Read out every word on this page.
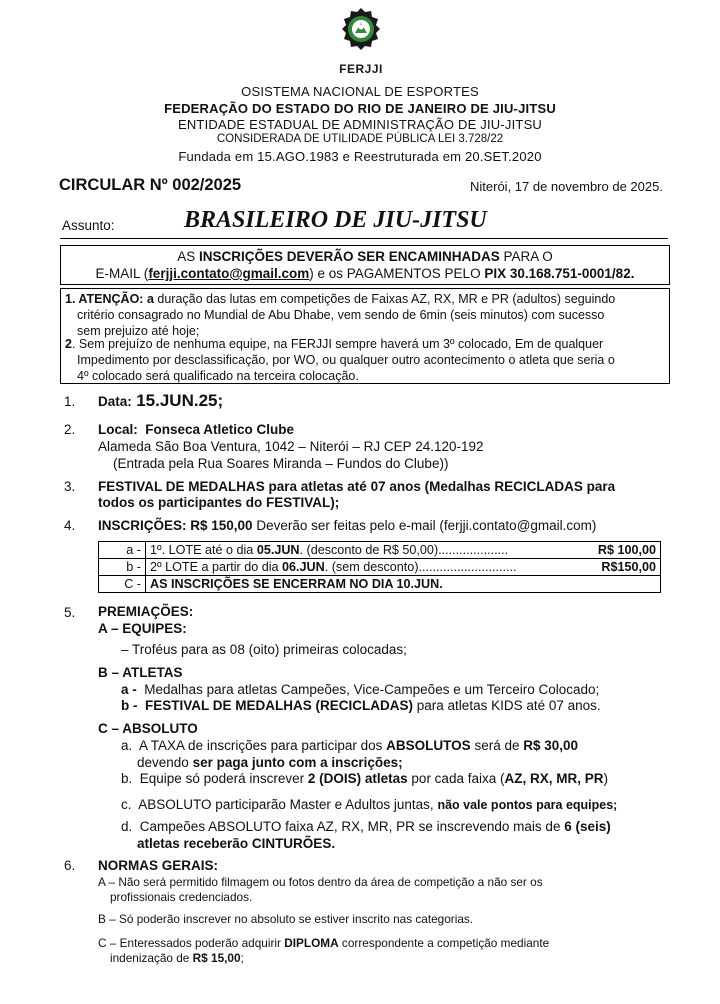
FERJJI
OSISTEMA NACIONAL DE ESPORTES
FEDERAÇÃO DO ESTADO DO RIO DE JANEIRO DE JIU-JITSU
ENTIDADE ESTADUAL DE ADMINISTRAÇÃO DE JIU-JITSU
CONSIDERADA DE UTILIDADE PÚBLICA LEI 3.728/22
Fundada em 15.AGO.1983 e Reestruturada em 20.SET.2020
CIRCULAR Nº 002/2025	Niterói, 17 de novembro de 2025.
Assunto:	BRASILEIRO DE JIU-JITSU
AS INSCRIÇÕES DEVERÃO SER ENCAMINHADAS PARA O
E-MAIL (ferjji.contato@gmail.com) e os PAGAMENTOS PELO PIX 30.168.751-0001/82.
1. ATENÇÃO: a duração das lutas em competições de Faixas AZ, RX, MR e PR (adultos) seguindo
critério consagrado no Mundial de Abu Dhabe, vem sendo de 6min (seis minutos) com sucesso
sem prejuizo até hoje;
2. Sem prejuízo de nenhuma equipe, na FERJJI sempre haverá um 3º colocado, Em de qualquer
Impedimento por desclassificação, por WO, ou qualquer outro acontecimento o atleta que seria o
4º colocado será qualificado na terceira colocação.
1. Data: 15.JUN.25;
2. Local: Fonseca Atletico Clube
Alameda São Boa Ventura, 1042 – Niterói – RJ CEP 24.120-192
(Entrada pela Rua Soares Miranda – Fundos do Clube))
3. FESTIVAL DE MEDALHAS para atletas até 07 anos (Medalhas RECICLADAS para
todos os participantes do FESTIVAL);
4. INSCRIÇÕES: R$ 150,00 Deverão ser feitas pelo e-mail (ferjji.contato@gmail.com)
a -	1º. LOTE até o dia 05.JUN. (desconto de R$ 50,00).................... R$ 100,00

b -	2º LOTE a partir do dia 06.JUN. (sem desconto)............................ R$150,00

C -	AS INSCRIÇÕES SE ENCERRAM NO DIA 10.JUN.
5. PREMIAÇÕES:
A – EQUIPES:
– Troféus para as 08 (oito) primeiras colocadas;
B – ATLETAS
a - Medalhas para atletas Campeões, Vice-Campeões e um Terceiro Colocado;
b - FESTIVAL DE MEDALHAS (RECICLADAS) para atletas KIDS até 07 anos.
C – ABSOLUTO
a. A TAXA de inscrições para participar dos ABSOLUTOS será de R$ 30,00
devendo ser paga junto com a inscrições;
b. Equipe só poderá inscrever 2 (DOIS) atletas por cada faixa (AZ, RX, MR, PR)
c. ABSOLUTO participarão Master e Adultos juntas, não vale pontos para equipes;
d. Campeões ABSOLUTO faixa AZ, RX, MR, PR se inscrevendo mais de 6 (seis)
atletas receberão CINTURÕES.
6. NORMAS GERAIS:
A – Não será permitido filmagem ou fotos dentro da área de competição a não ser os
profissionais credenciados.
B – Só poderão inscrever no absoluto se estiver inscrito nas categorias.
C – Enteressados poderão adquirir DIPLOMA correspondente a competição mediante
indenização de R$ 15,00;
